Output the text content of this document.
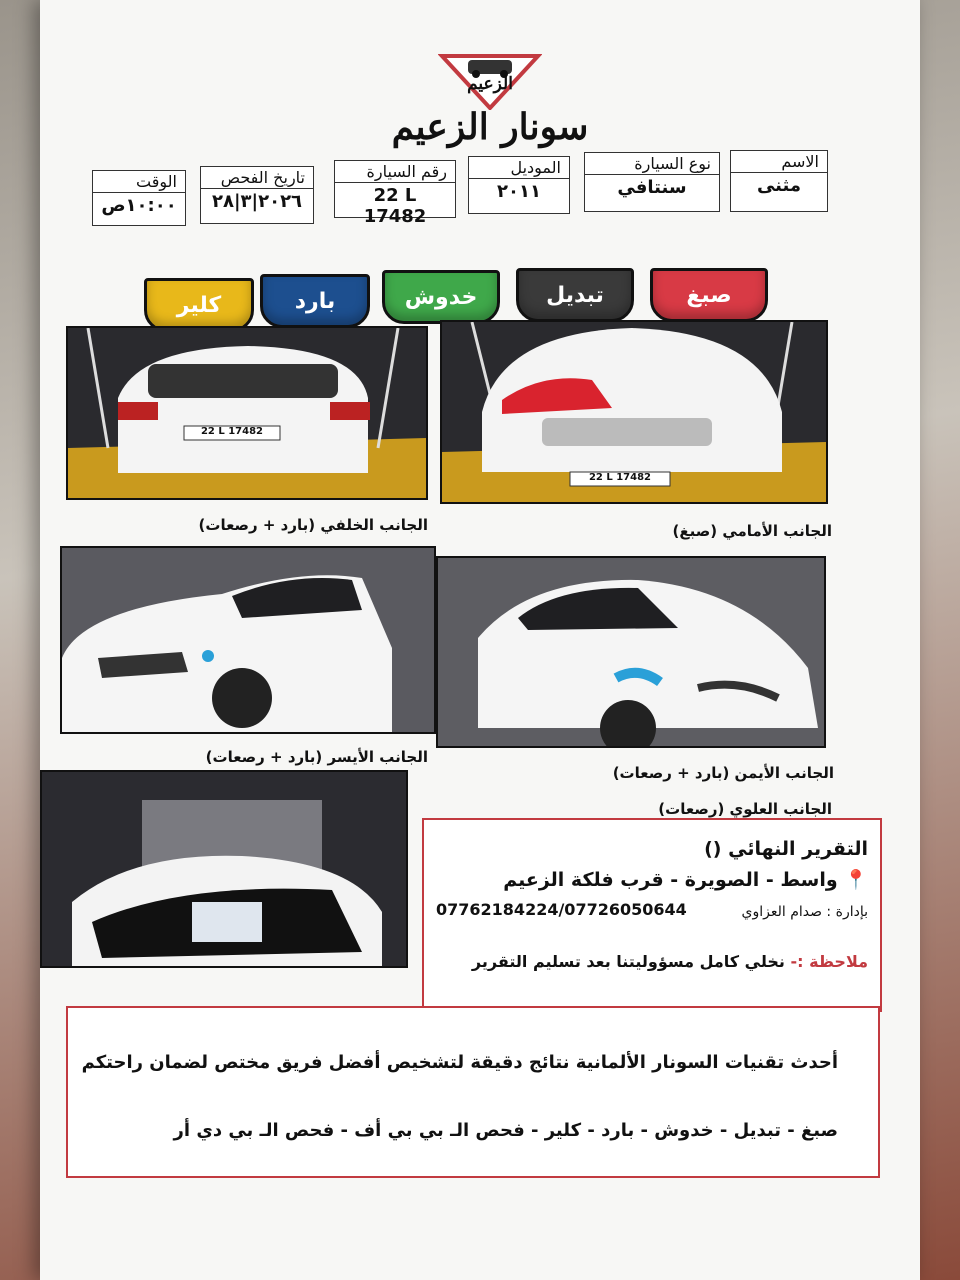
الزعيم
سونار الزعيم
الاسم
مثنى
نوع السيارة
سنتافي
الموديل
٢٠١١
رقم السيارة
22 L 17482
تاريخ الفحص
٢٠٢٦|٣|٢٨
الوقت
١٠:٠٠ص
صبغ
تبديل
خدوش
بارد
كلير
22 L 17482
الجانب الأمامي (صبغ)
22 L 17482
الجانب الخلفي (بارد + رصعات)
الجانب الأيمن (بارد + رصعات)
الجانب الأيسر (بارد + رصعات)
الجانب العلوي (رصعات)
التقرير النهائي ()
📍 واسط - الصويرة - قرب فلكة الزعيم
بإدارة : صدام العزاوي
07762184224/07726050644
ملاحظة :- نخلي كامل مسؤوليتنا بعد تسليم التقرير
أحدث تقنيات السونار الألمانية نتائج دقيقة لتشخيص أفضل فريق مختص لضمان راحتكم
صبغ - تبديل - خدوش - بارد - كلير - فحص الـ بي بي أف - فحص الـ بي دي أر
